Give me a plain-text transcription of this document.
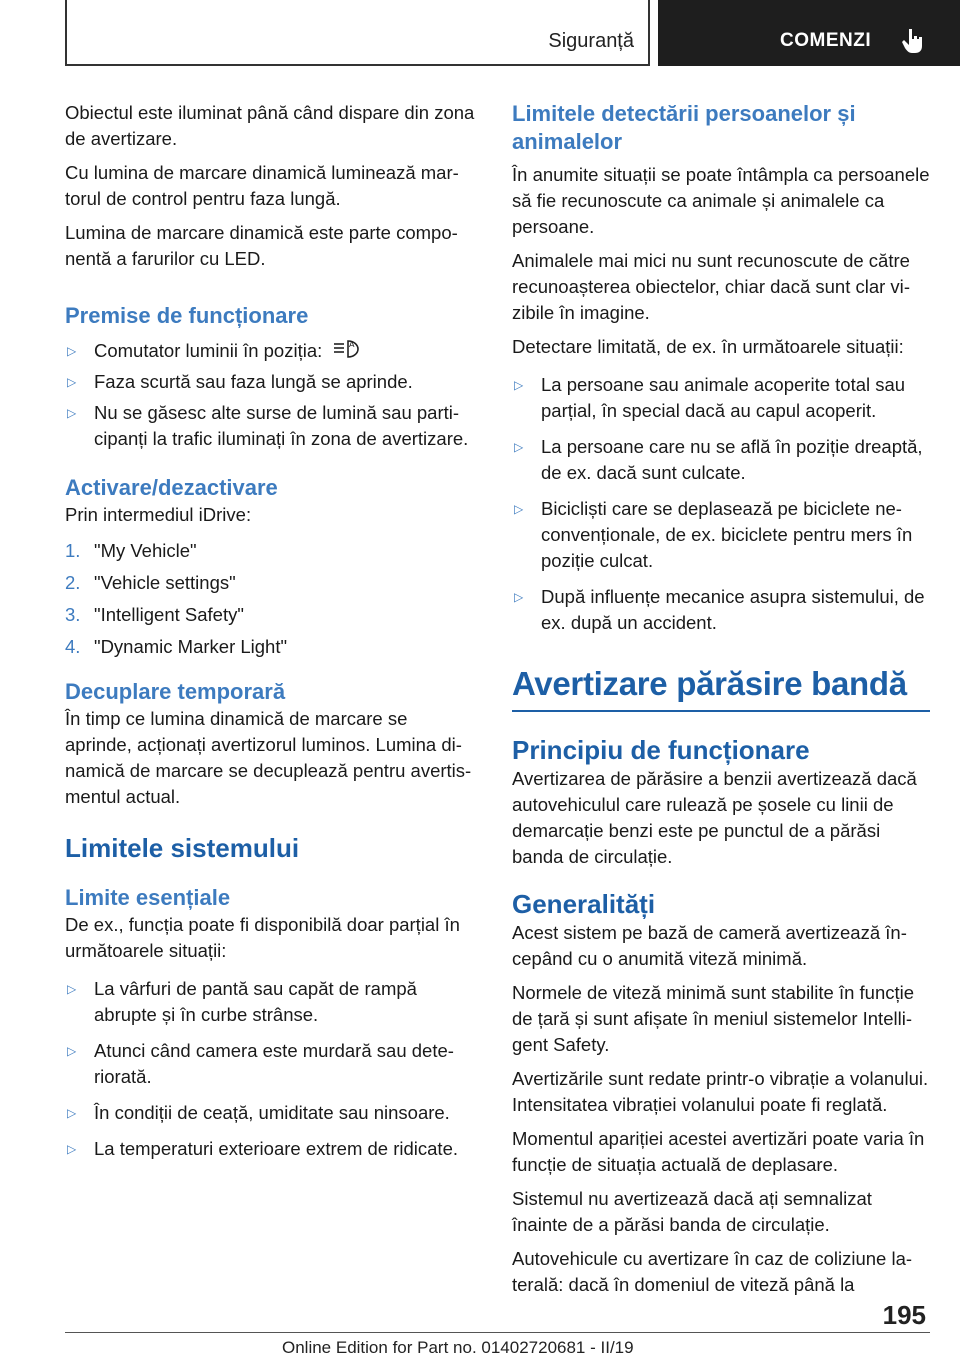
Siguranță	COMENZI

Obiectul este iluminat până când dispare din zona de avertizare.

Cu lumina de marcare dinamică luminează martorul de control pentru faza lungă.

Lumina de marcare dinamică este parte componentă a farurilor cu LED.

Premise de funcționare
▷ Comutator luminii în poziția:	A
▷ Faza scurtă sau faza lungă se aprinde.
▷ Nu se găsesc alte surse de lumină sau participanți la trafic iluminați în zona de avertizare.
Activare/dezactivare

Prin intermediul iDrive:

1. "My Vehicle"
2. "Vehicle settings"
3. "Intelligent Safety"
4. "Dynamic Marker Light"
Decuplare temporară

În timp ce lumina dinamică de marcare se aprinde, acționați avertizorul luminos. Lumina dinamică de marcare se decuplează pentru avertismentul actual.

Limitele sistemului
Limite esențiale

De ex., funcția poate fi disponibilă doar parțial în următoarele situații:

▷ La vârfuri de pantă sau capăt de rampă abrupte și în curbe strânse.
▷ Atunci când camera este murdară sau deteriorată.
▷ În condiții de ceață, umiditate sau ninsoare.
▷ La temperaturi exterioare extrem de ridicate.
Limitele detectării persoanelor și animalelor

În anumite situații se poate întâmpla ca persoanele să fie recunoscute ca animale și animalele ca persoane.

Animalele mai mici nu sunt recunoscute de către recunoașterea obiectelor, chiar dacă sunt clar vizibile în imagine.

Detectare limitată, de ex. în următoarele situații:

▷ La persoane sau animale acoperite total sau parțial, în special dacă au capul acoperit.
▷ La persoane care nu se află în poziție dreaptă, de ex. dacă sunt culcate.
▷ Bicicliști care se deplasează pe biciclete neconvenționale, de ex. biciclete pentru mers în poziție culcat.
▷ După influențe mecanice asupra sistemului, de ex. după un accident.
Avertizare părăsire bandă
Principiu de funcționare

Avertizarea de părăsire a benzii avertizează dacă autovehiculul care rulează pe șosele cu linii de demarcație benzi este pe punctul de a părăsi banda de circulație.

Generalități

Acest sistem pe bază de cameră avertizează începând cu o anumită viteză minimă.

Normele de viteză minimă sunt stabilite în funcție de țară și sunt afișate în meniul sistemelor Intelligent Safety.

Avertizările sunt redate printr-o vibrație a volanului. Intensitatea vibrației volanului poate fi reglată.

Momentul apariției acestei avertizări poate varia în funcție de situația actuală de deplasare.

Sistemul nu avertizează dacă ați semnalizat înainte de a părăsi banda de circulație.

Autovehicule cu avertizare în caz de coliziune laterală: dacă în domeniul de viteză până la

195
Online Edition for Part no. 01402720681 - II/19
